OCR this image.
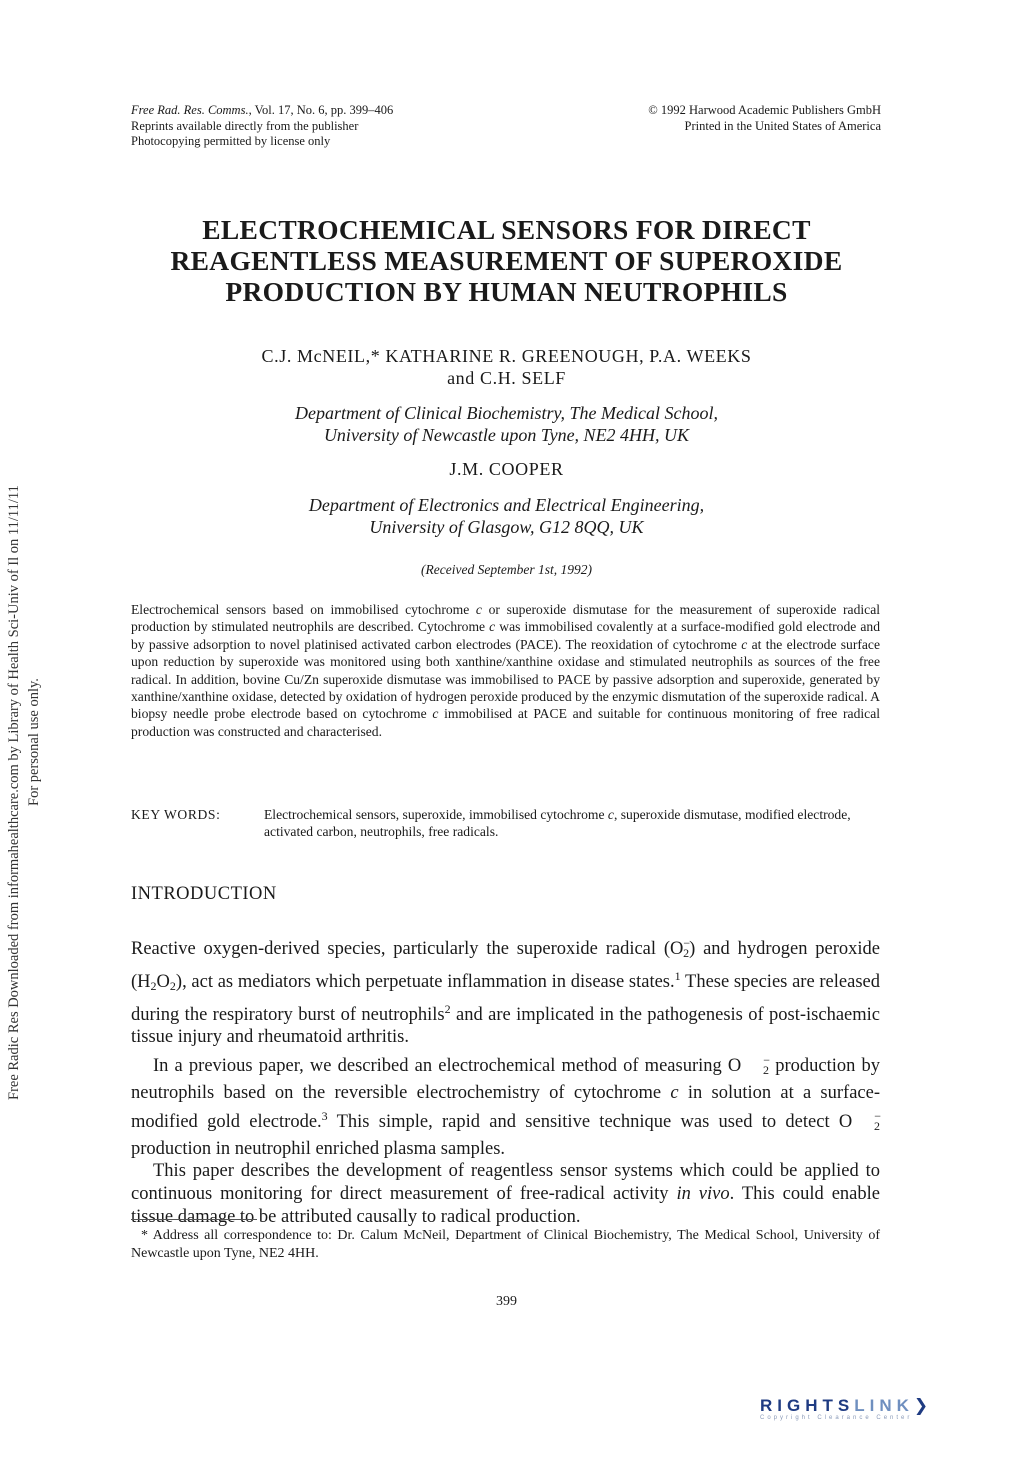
Free Rad. Res. Comms., Vol. 17, No. 6, pp. 399–406
Reprints available directly from the publisher
Photocopying permitted by license only
© 1992 Harwood Academic Publishers GmbH
Printed in the United States of America
ELECTROCHEMICAL SENSORS FOR DIRECT
REAGENTLESS MEASUREMENT OF SUPEROXIDE
PRODUCTION BY HUMAN NEUTROPHILS
C.J. McNEIL,* KATHARINE R. GREENOUGH, P.A. WEEKS
and C.H. SELF
Department of Clinical Biochemistry, The Medical School,
University of Newcastle upon Tyne, NE2 4HH, UK
J.M. COOPER
Department of Electronics and Electrical Engineering,
University of Glasgow, G12 8QQ, UK
(Received September 1st, 1992)
Electrochemical sensors based on immobilised cytochrome c or superoxide dismutase for the measurement of superoxide radical production by stimulated neutrophils are described. Cytochrome c was immobilised covalently at a surface-modified gold electrode and by passive adsorption to novel platinised activated carbon electrodes (PACE). The reoxidation of cytochrome c at the electrode surface upon reduction by superoxide was monitored using both xanthine/xanthine oxidase and stimulated neutrophils as sources of the free radical. In addition, bovine Cu/Zn superoxide dismutase was immobilised to PACE by passive adsorption and superoxide, generated by xanthine/xanthine oxidase, detected by oxidation of hydrogen peroxide produced by the enzymic dismutation of the superoxide radical. A biopsy needle probe electrode based on cytochrome c immobilised at PACE and suitable for continuous monitoring of free radical production was constructed and characterised.
KEY WORDS:	Electrochemical sensors, superoxide, immobilised cytochrome c, superoxide dismutase, modified electrode, activated carbon, neutrophils, free radicals.
INTRODUCTION

Reactive oxygen-derived species, particularly the superoxide radical $(O^-_2)$ and hydrogen peroxide $(H_2O_2)$, act as mediators which perpetuate inflammation in disease states.$^1$ These species are released during the respiratory burst of neutrophils$^2$ and are implicated in the pathogenesis of post-ischaemic tissue injury and rheumatoid arthritis.

In a previous paper, we described an electrochemical method of measuring O −$_2$ production by neutrophils based on the reversible electrochemistry of cytochrome c in solution at a surface-modified gold electrode.$^3$ This simple, rapid and sensitive technique was used to detect O −$_2$ production in neutrophil enriched plasma samples.

This paper describes the development of reagentless sensor systems which could be applied to continuous monitoring for direct measurement of free-radical activity in vivo. This could enable tissue damage to be attributed causally to radical production.

* Address all correspondence to: Dr. Calum McNeil, Department of Clinical Biochemistry, The Medical School, University of Newcastle upon Tyne, NE2 4HH.
399
Free Radic Res Downloaded from informahealthcare.com by Library of Health Sci-Univ of Il on 11/11/11 For personal use only.
RIGHTSLINK❯
Copyright Clearance Center
